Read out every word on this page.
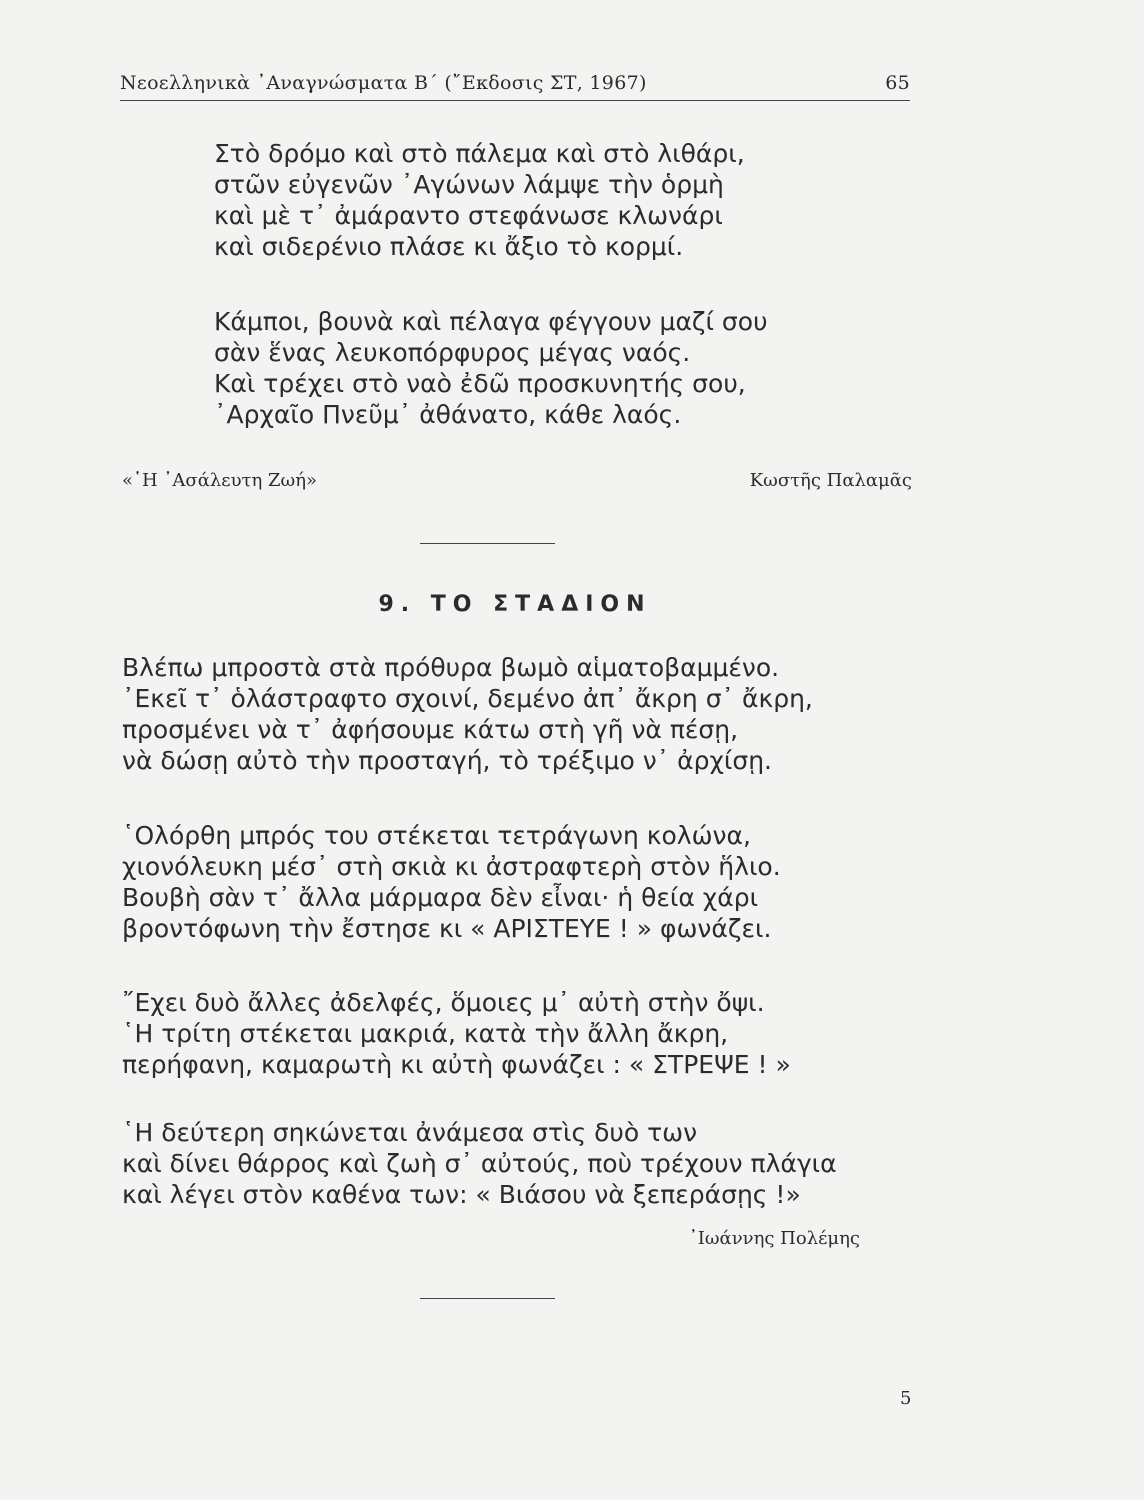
Νεοελληνικὰ ᾿Αναγνώσματα Β΄ (῎Εκδοσις ΣΤ, 1967)	65
Στὸ δρόμο καὶ στὸ πάλεμα καὶ στὸ λιθάρι,
στῶν εὐγενῶν ᾿Αγώνων λάμψε τὴν ὁρμὴ
καὶ μὲ τ᾿ ἀμάραντο στεφάνωσε κλωνάρι
καὶ σιδερένιο πλάσε κι ἄξιο τὸ κορμί.
Κάμποι, βουνὰ καὶ πέλαγα φέγγουν μαζί σου
σὰν ἕνας λευκοπόρφυρος μέγας ναός.
Καὶ τρέχει στὸ ναὸ ἐδῶ προσκυνητής σου,
᾿Αρχαῖο Πνεῦμ᾿ ἀθάνατο, κάθε λαός.
«῾Η ᾿Ασάλευτη Ζωή»	Κωστῆς Παλαμᾶς
9. ΤΟ ΣΤΑΔΙΟΝ
Βλέπω μπροστὰ στὰ πρόθυρα βωμὸ αἱματοβαμμένο.
᾿Εκεῖ τ᾿ ὁλάστραφτο σχοινί, δεμένο ἀπ᾿ ἄκρη σ᾿ ἄκρη,
προσμένει νὰ τ᾿ ἀφήσουμε κάτω στὴ γῆ νὰ πέσῃ,
νὰ δώσῃ αὐτὸ τὴν προσταγή, τὸ τρέξιμο ν᾿ ἀρχίσῃ.
῾Ολόρθη μπρός του στέκεται τετράγωνη κολώνα,
χιονόλευκη μέσ᾿ στὴ σκιὰ κι ἀστραφτερὴ στὸν ἥλιο.
Βουβὴ σὰν τ᾿ ἄλλα μάρμαρα δὲν εἶναι· ἡ θεία χάρι
βροντόφωνη τὴν ἔστησε κι « ΑΡΙΣΤΕΥΕ ! » φωνάζει.
῎Εχει δυὸ ἄλλες ἀδελφές, ὅμοιες μ᾿ αὐτὴ στὴν ὄψι.
῾Η τρίτη στέκεται μακριά, κατὰ τὴν ἄλλη ἄκρη,
περήφανη, καμαρωτὴ κι αὐτὴ φωνάζει : « ΣΤΡΕΨΕ ! »
῾Η δεύτερη σηκώνεται ἀνάμεσα στὶς δυὸ των
καὶ δίνει θάρρος καὶ ζωὴ σ᾿ αὐτούς, ποὺ τρέχουν πλάγια
καὶ λέγει στὸν καθένα των: « Βιάσου νὰ ξεπεράσῃς !»
᾿Ιωάννης Πολέμης
5
